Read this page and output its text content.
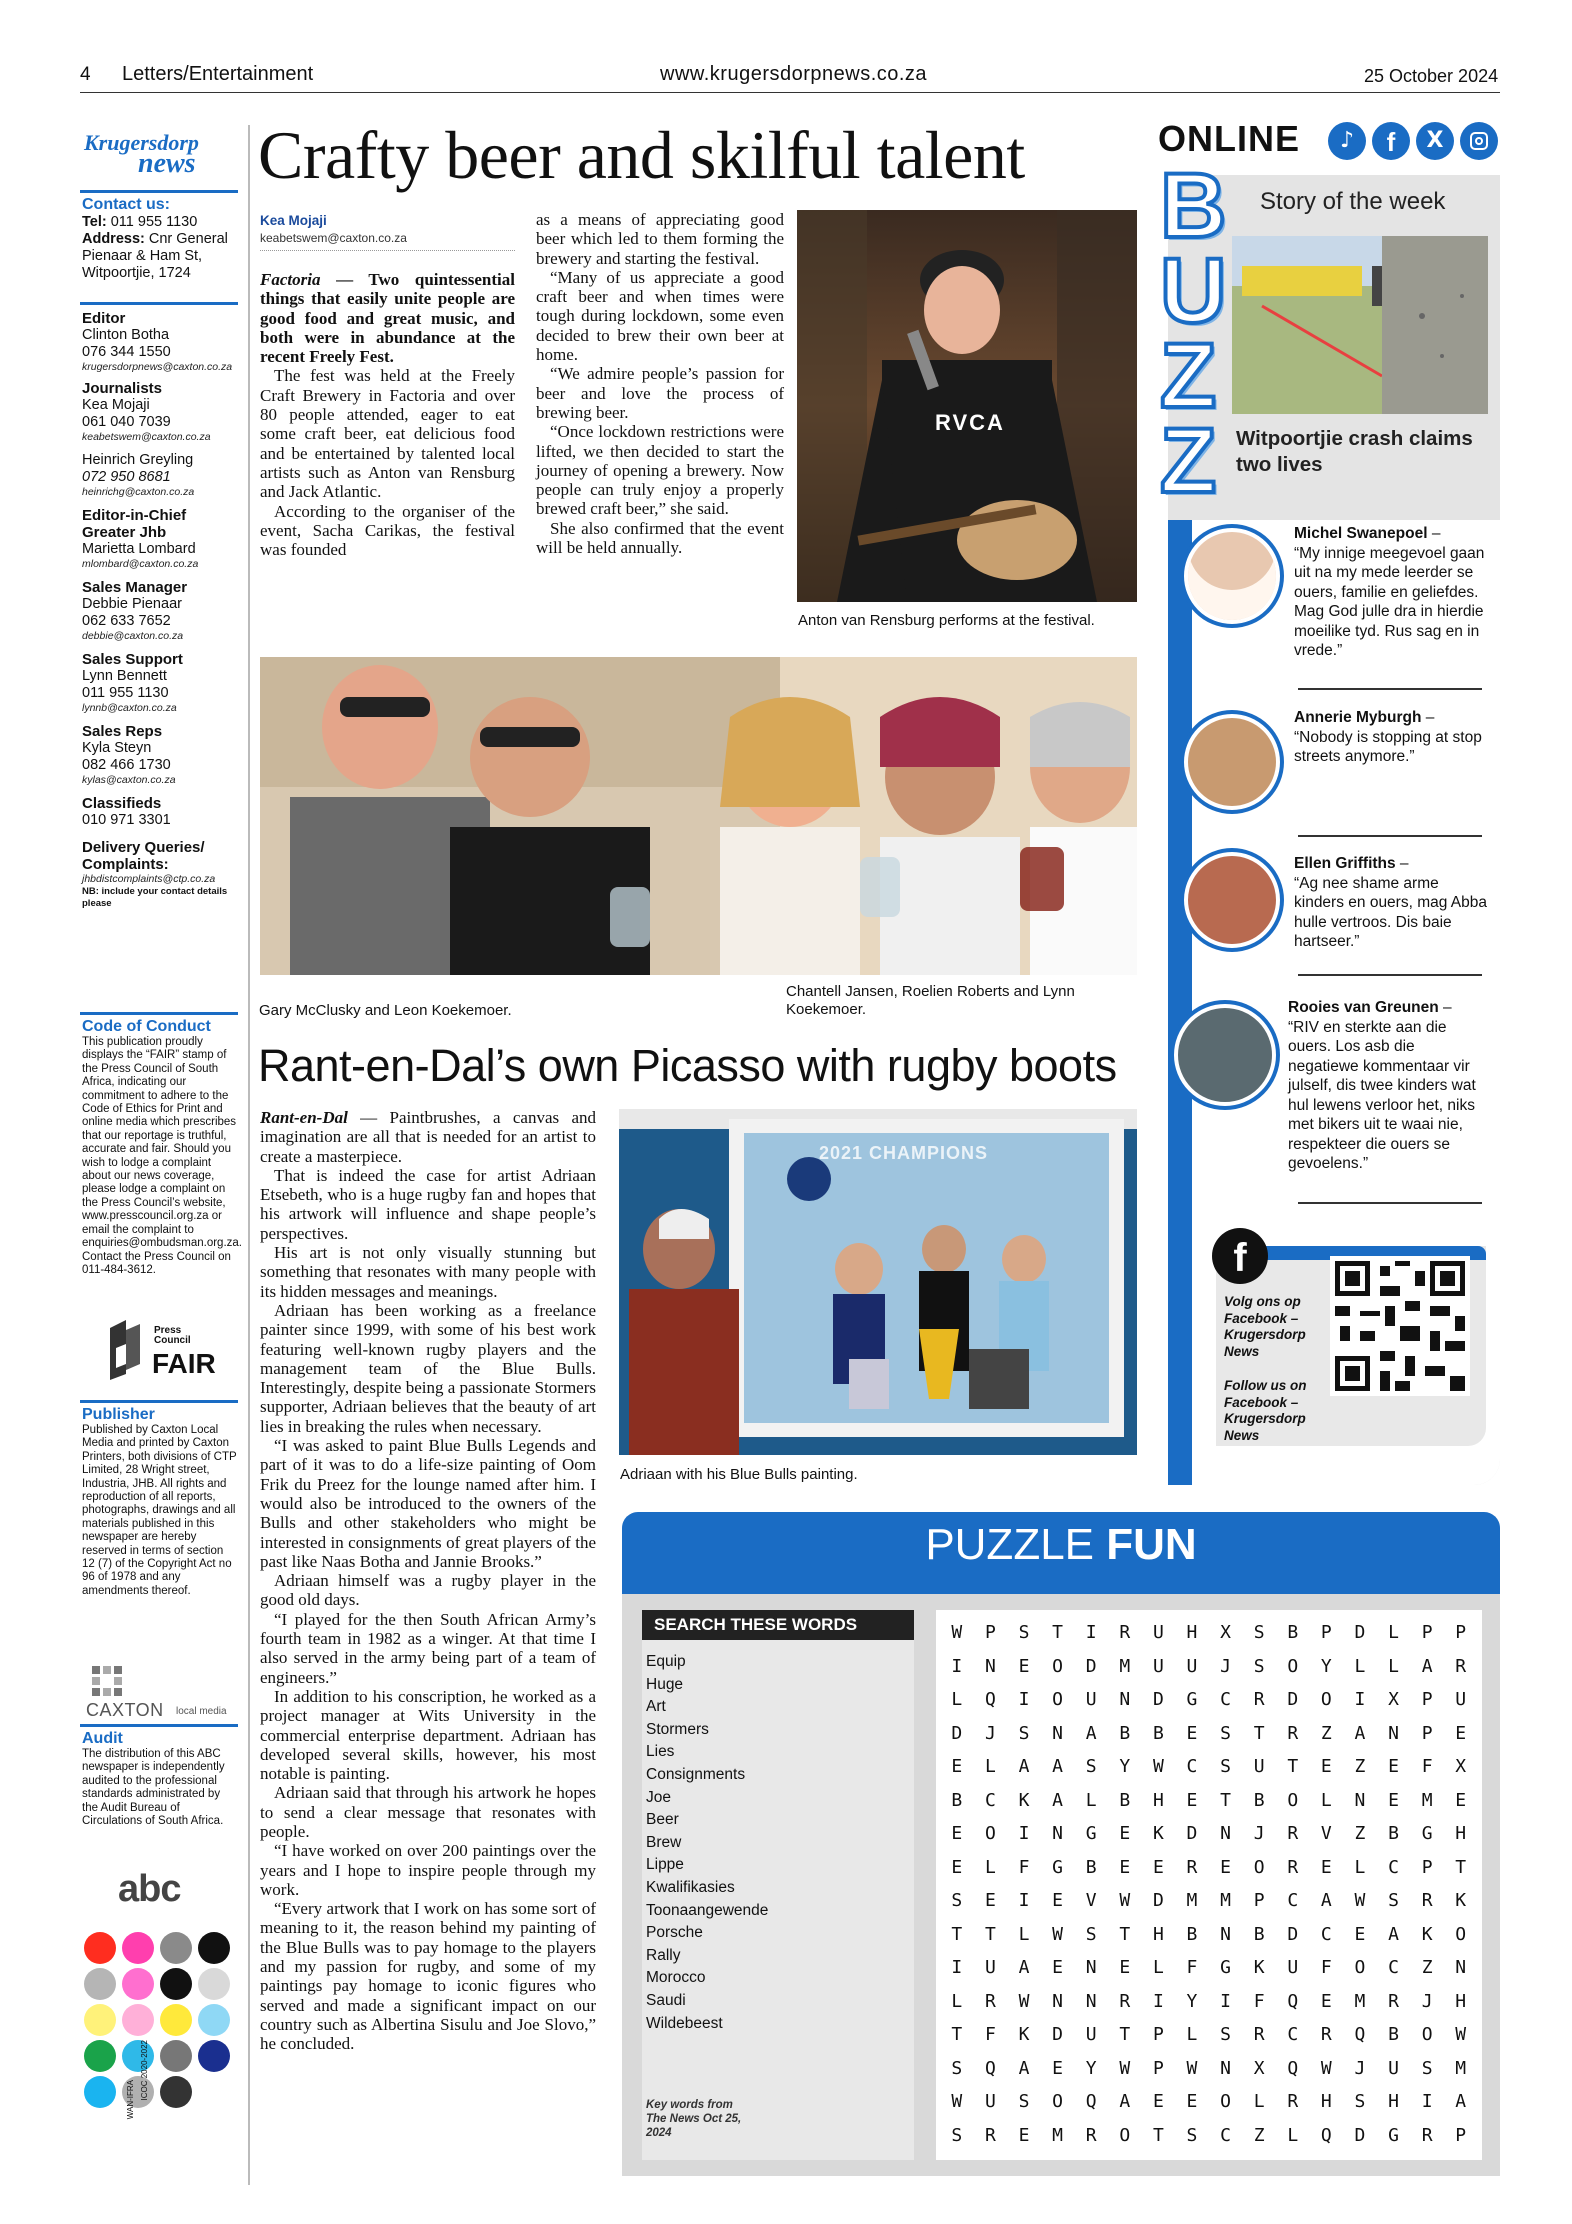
4 Letters/Entertainment	www.krugersdorpnews.co.za	25 October 2024
Krugersdorp
news
Contact us:
Tel: 011 955 1130
Address: Cnr General Pienaar & Ham St, Witpoortjie, 1724
Editor
Clinton Botha
076 344 1550
krugersdorpnews@caxton.co.za
Journalists
Kea Mojaji
061 040 7039
keabetswem@caxton.co.za
Heinrich Greyling
072 950 8681
heinrichg@caxton.co.za
Editor-in-Chief Greater Jhb
Marietta Lombard
mlombard@caxton.co.za
Sales Manager
Debbie Pienaar
062 633 7652
debbie@caxton.co.za
Sales Support
Lynn Bennett
011 955 1130
lynnb@caxton.co.za
Sales Reps
Kyla Steyn
082 466 1730
kylas@caxton.co.za
Classifieds
010 971 3301
Delivery Queries/ Complaints:
jhbdistcomplaints@ctp.co.za
NB: include your contact details please
Code of Conduct
This publication proudly displays the “FAIR” stamp of the Press Council of South Africa, indicating our commitment to adhere to the Code of Ethics for Print and online media which prescribes that our reportage is truthful, accurate and fair. Should you wish to lodge a complaint about our news coverage, please lodge a complaint on the Press Council’s website, www.presscouncil.org.za or email the complaint to enquiries@ombudsman.org.za. Contact the Press Council on 011-484-3612.
Press Council
FAIR
Publisher
Published by Caxton Local Media and printed by Caxton Printers, both divisions of CTP Limited, 28 Wright street, Industria, JHB. All rights and reproduction of all reports, photographs, drawings and all materials published in this newspaper are hereby reserved in terms of section 12 (7) of the Copyright Act no 96 of 1978 and any amendments thereof.
CAXTON local media
Audit
The distribution of this ABC newspaper is independently audited to the professional standards administrated by the Audit Bureau of Circulations of South Africa.
abc
WAN-IFRA ICOC 2020-2022
Crafty beer and skilful talent
Kea Mojaji
keabetswem@caxton.co.za
Factoria — Two quintessential things that easily unite people are good food and great music, and both were in abundance at the recent Freely Fest.

The fest was held at the Freely Craft Brewery in Factoria and over 80 people attended, eager to eat some craft beer, eat delicious food and be entertained by talented local artists such as Anton van Rensburg and Jack Atlantic.

According to the organiser of the event, Sacha Carikas, the festival was founded

as a means of appreciating good beer which led to them forming the brewery and starting the festival.

“Many of us appreciate a good craft beer and when times were tough during lockdown, some even decided to brew their own beer at home.

“We admire people’s passion for beer and love the process of brewing beer.

“Once lockdown restrictions were lifted, we then decided to start the journey of opening a brewery. Now people can truly enjoy a properly brewed craft beer,” she said.

She also confirmed that the event will be held annually.

RVCA
Anton van Rensburg performs at the festival.
Gary McClusky and Leon Koekemoer.
Chantell Jansen, Roelien Roberts and Lynn Koekemoer.
Rant-en-Dal’s own Picasso with rugby boots
Rant-en-Dal — Paintbrushes, a canvas and imagination are all that is needed for an artist to create a masterpiece.

That is indeed the case for artist Adriaan Etsebeth, who is a huge rugby fan and hopes that his artwork will influence and shape people’s perspectives.

His art is not only visually stunning but something that resonates with many people with its hidden messages and meanings.

Adriaan has been working as a freelance painter since 1999, with some of his best work featuring well-known rugby players and the management team of the Blue Bulls. Interestingly, despite being a passionate Stormers supporter, Adriaan believes that the beauty of art lies in breaking the rules when necessary.

“I was asked to paint Blue Bulls Legends and part of it was to do a life-size painting of Oom Frik du Preez for the lounge named after him. I would also be introduced to the owners of the Bulls and other stakeholders who might be interested in consignments of great players of the past like Naas Botha and Jannie Brooks.”

Adriaan himself was a rugby player in the good old days.

“I played for the then South African Army’s fourth team in 1982 as a winger. At that time I also served in the army being part of a team of engineers.”

In addition to his conscription, he worked as a project manager at Wits University in the commercial enterprise department. Adriaan has developed several skills, however, his most notable is painting.

Adriaan said that through his artwork he hopes to send a clear message that resonates with people.

“I have worked on over 200 paintings over the years and I hope to inspire people through my work.

“Every artwork that I work on has some sort of meaning to it, the reason behind my painting of the Blue Bulls was to pay homage to the players and my passion for rugby, and some of my paintings pay homage to iconic figures who served and made a significant impact on our country such as Albertina Sisulu and Joe Slovo,” he concluded.

2021 CHAMPIONS
Adriaan with his Blue Bulls painting.
ONLINE	♪	f	X
B
U
Z
Z
Story of the week
Witpoortjie crash claims two lives
Michel Swanepoel –
“My innige meegevoel gaan uit na my mede leerder se ouers, familie en geliefdes. Mag God julle dra in hierdie moeilike tyd. Rus sag en in vrede.”
Annerie Myburgh –
“Nobody is stopping at stop streets anymore.”
Ellen Griffiths –
“Ag nee shame arme kinders en ouers, mag Abba hulle vertroos. Dis baie hartseer.”
Rooies van Greunen –
“RIV en sterkte aan die ouers. Los asb die negatiewe kommentaar vir julself, dis twee kinders wat hul lewens verloor het, niks met bikers uit te waai nie, respekteer die ouers se gevoelens.”
f
Volg ons op Facebook – Krugersdorp News
Follow us on Facebook – Krugersdorp News
PUZZLE FUN
SEARCH THESE WORDS
Equip
Huge
Art
Stormers
Lies
Consignments
Joe
Beer
Brew
Lippe
Kwalifikasies
Toonaangewende
Porsche
Rally
Morocco
Saudi
Wildebeest
Key words from The News Oct 25, 2024
W P S T I R U H X S B P D L P P
I N E O D M U U J S O Y L L A R
L Q I O U N D G C R D O I X P U
D J S N A B B E S T R Z A N P E
E L A A S Y W C S U T E Z E F X
B C K A L B H E T B O L N E M E
E O I N G E K D N J R V Z B G H
E L F G B E E R E O R E L C P T
S E I E V W D M M P C A W S R K
T T L W S T H B N B D C E A K O
I U A E N E L F G K U F O C Z N
L R W N N R I Y I F Q E M R J H
T F K D U T P L S R C R Q B O W
S Q A E Y W P W N X Q W J U S M
W U S O Q A E E O L R H S H I A
S R E M R O T S C Z L Q D G R P
